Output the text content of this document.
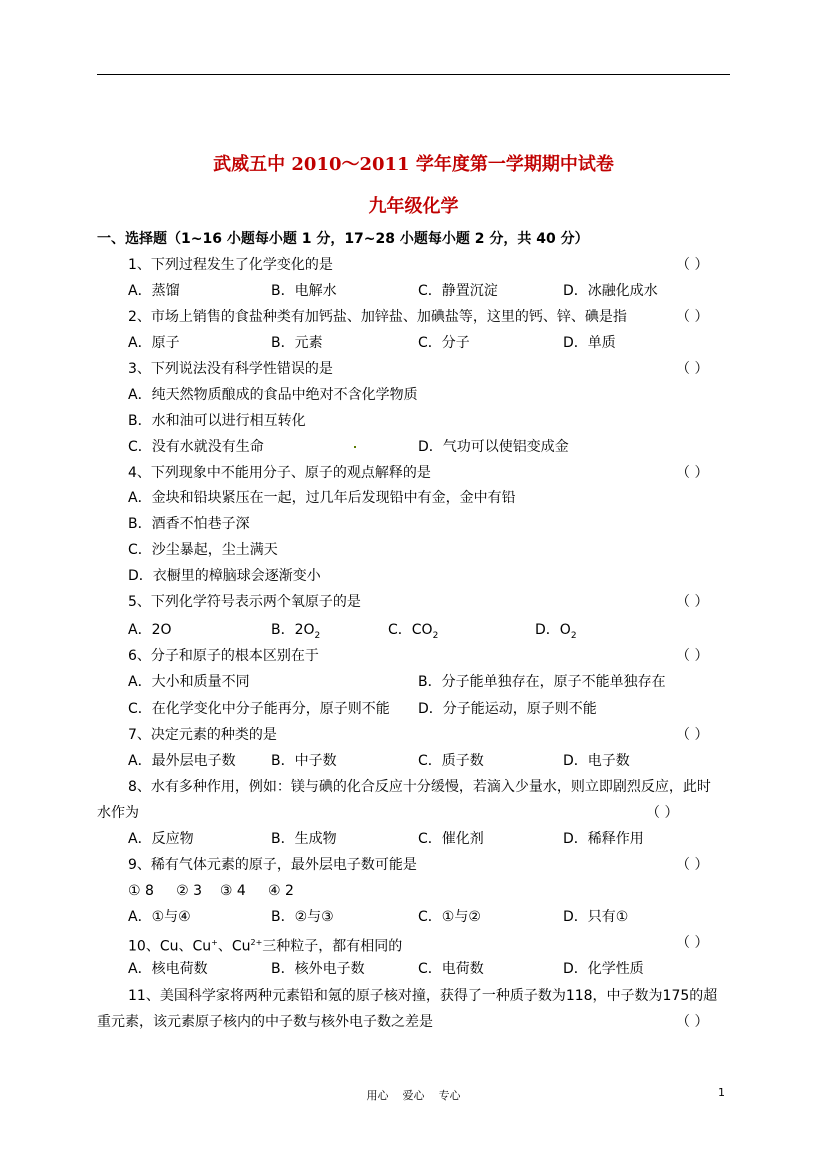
武威五中 2010～2011 学年度第一学期期中试卷
九年级化学
一、选择题（1~16 小题每小题 1 分，17~28 小题每小题 2 分，共 40 分）
1、下列过程发生了化学变化的是	（ ）
A．蒸馏	B．电解水	C．静置沉淀	D．冰融化成水
2、市场上销售的食盐种类有加钙盐、加锌盐、加碘盐等，这里的钙、锌、碘是指	（ ）
A．原子	B．元素	C．分子	D．单质
3、下列说法没有科学性错误的是	（ ）
A．纯天然物质酿成的食品中绝对不含化学物质
B．水和油可以进行相互转化
C．没有水就没有生命	D．气功可以使铝变成金
4、下列现象中不能用分子、原子的观点解释的是	（ ）
A．金块和铅块紧压在一起，过几年后发现铅中有金，金中有铅
B．酒香不怕巷子深
C．沙尘暴起，尘土满天
D．衣橱里的樟脑球会逐渐变小
5、下列化学符号表示两个氧原子的是	（ ）
A．2O	B．$2O_2$	C．$CO_2$	D．$O_2$
6、分子和原子的根本区别在于	（ ）
A．大小和质量不同	B．分子能单独存在，原子不能单独存在
C．在化学变化中分子能再分，原子则不能 D．分子能运动，原子则不能
7、决定元素的种类的是	（ ）
A．最外层电子数	B．中子数	C．质子数	D．电子数
8、水有多种作用，例如：镁与碘的化合反应十分缓慢，若滴入少量水，则立即剧烈反应，此时
水作为	（ ）
A．反应物	B．生成物	C．催化剂	D．稀释作用
9、稀有气体元素的原子，最外层电子数可能是	（ ）
① 8     ② 3    ③ 4     ④ 2
A．①与④	B．②与③	C．①与②	D．只有①
10、Cu、Cu+、$Cu^{2+}$三种粒子，都有相同的	（ ）
A．核电荷数	B．核外电子数	C．电荷数	D．化学性质
11、美国科学家将两种元素铅和氪的原子核对撞，获得了一种质子数为118，中子数为175的超
重元素，该元素原子核内的中子数与核外电子数之差是	（ ）
用心    爱心    专心	1
